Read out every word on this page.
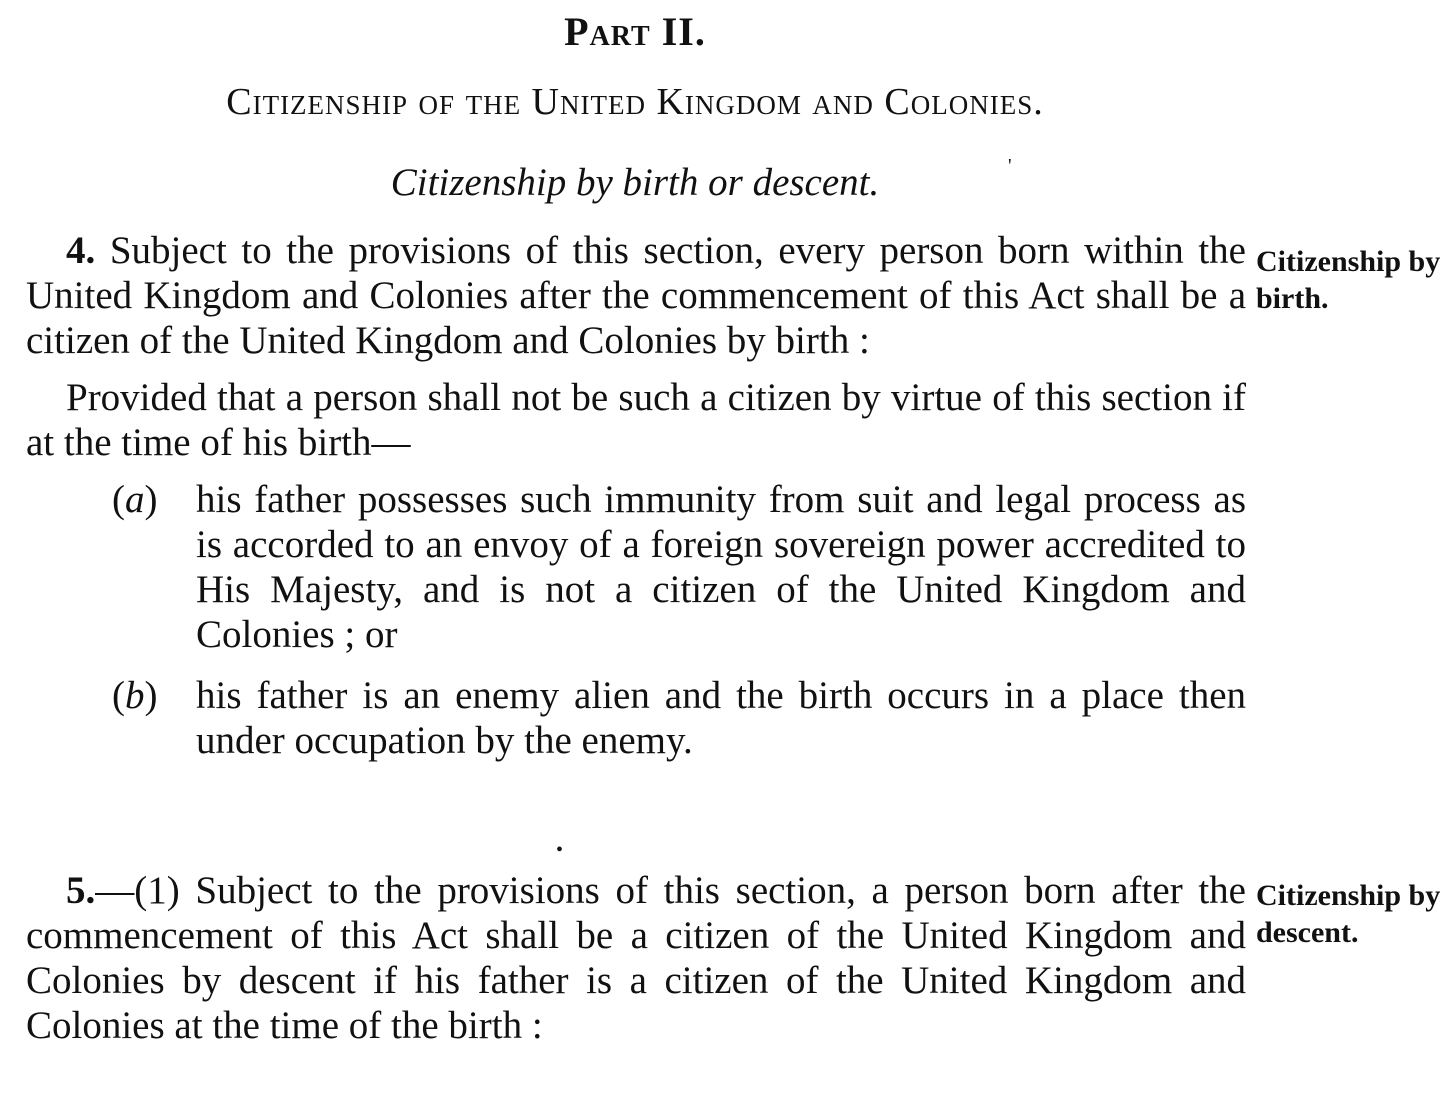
Part II.
Citizenship of the United Kingdom and Colonies.
Citizenship by birth or descent.	'
•

4. Subject to the provisions of this section, every person born within the United Kingdom and Colonies after the commencement of this Act shall be a citizen of the United Kingdom and Colonies by birth :

Provided that a person shall not be such a citizen by virtue of this section if at the time of his birth—

(a) his father possesses such immunity from suit and legal process as is accorded to an envoy of a foreign sovereign power accredited to His Majesty, and is not a citizen of the United Kingdom and Colonies ; or
(b) his father is an enemy alien and the birth occurs in a place then under occupation by the enemy.
Citizenship by birth.

5.—(1) Subject to the provisions of this section, a person born after the commencement of this Act shall be a citizen of the United Kingdom and Colonies by descent if his father is a citizen of the United Kingdom and Colonies at the time of the birth :

Citizenship by descent.
